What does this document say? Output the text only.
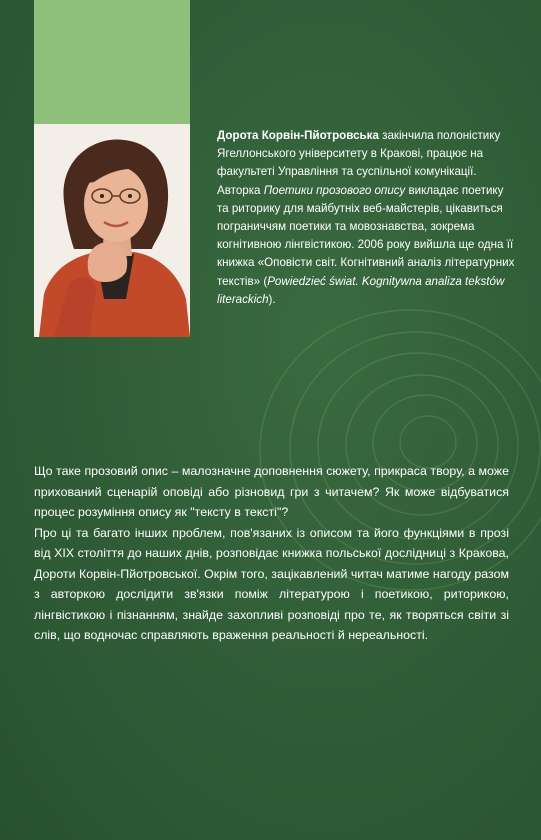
Дорота Корвін-Пйотровська закінчила полоністику Ягеллонського університету в Кракові, працює на факультеті Управління та суспільної комунікації. Авторка Поетики прозового опису викладає поетику та риторику для майбутніх веб-майстерів, цікавиться пограниччям поетики та мовознавства, зокрема когнітивною лінгвістикою. 2006 року вийшла ще одна її книжка «Оповісти світ. Когнітивний аналіз літературних текстів» (Powiedzieć świat. Kognitywna analiza tekstów literackich).

Що таке прозовий опис – малозначне доповнення сюжету, прикраса твору, а може прихований сценарій оповіді або різновид гри з читачем? Як може відбуватися процес розуміння опису як "тексту в тексті"?

Про ці та багато інших проблем, пов'язаних із описом та його функціями в прозі від XIX століття до наших днів, розповідає книжка польської дослідниці з Кракова, Дороти Корвін-Пйотровської. Окрім того, зацікавлений читач матиме нагоду разом з авторкою дослідити зв'язки поміж літературою і поетикою, риторикою, лінгвістикою і пізнанням, знайде захопливі розповіді про те, як творяться світи зі слів, що водночас справляють враження реальності й нереальності.
